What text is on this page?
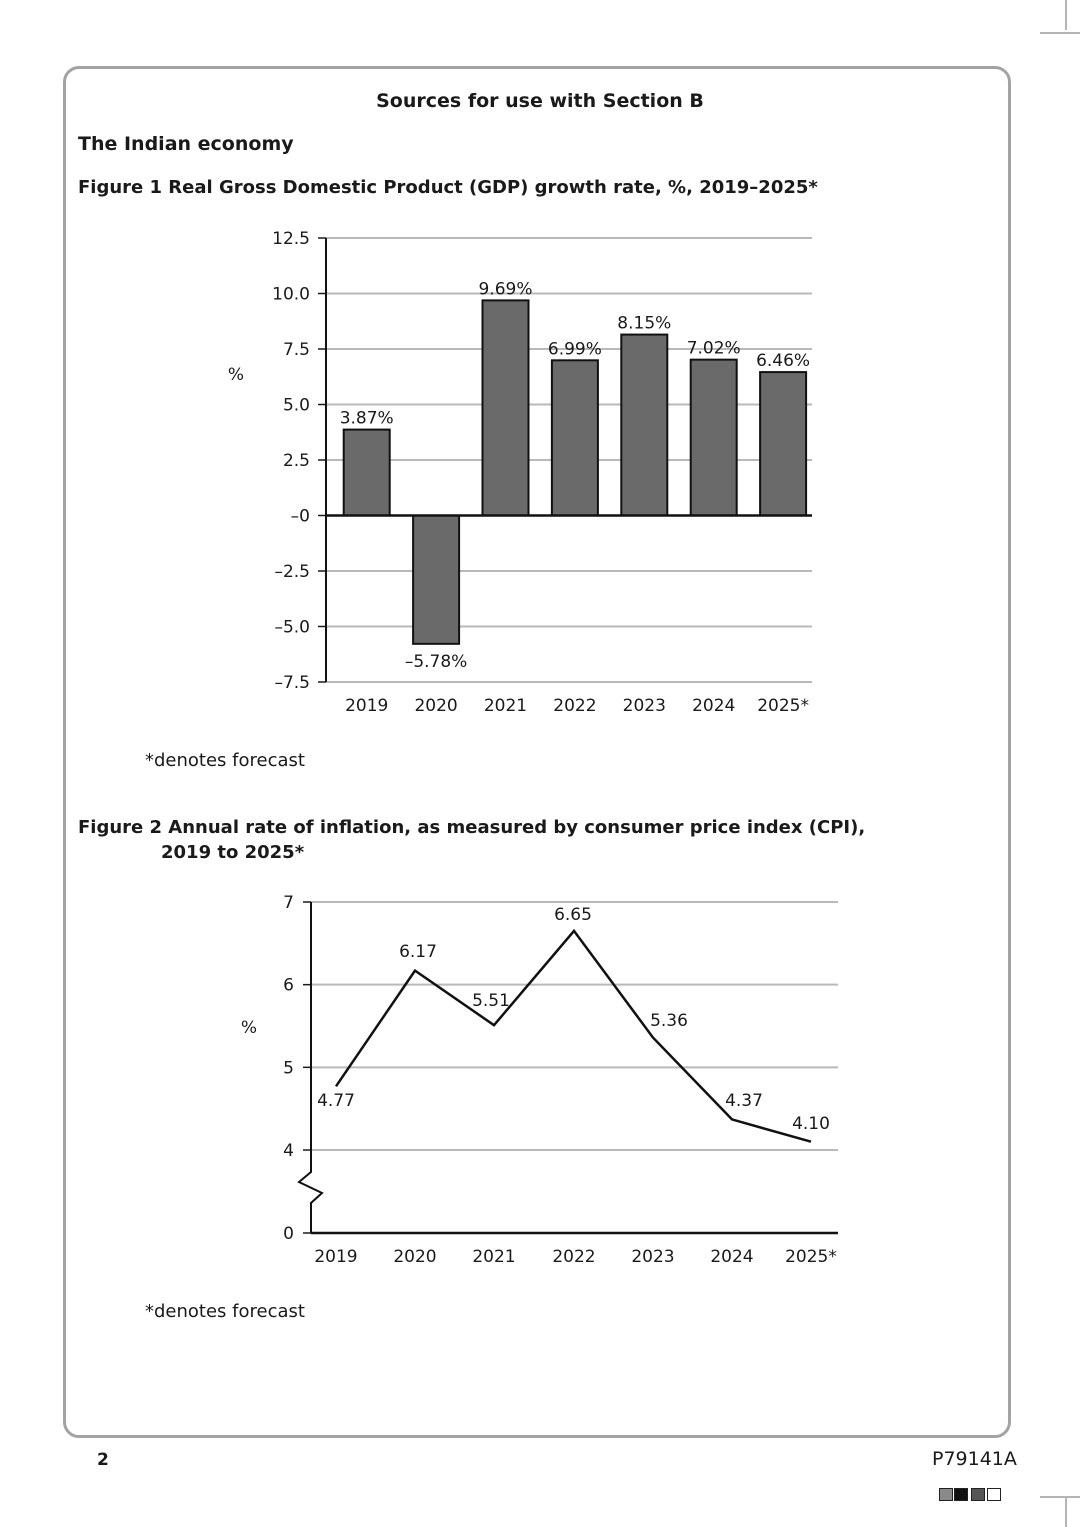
Sources for use with Section B
The Indian economy
Figure 1 Real Gross Domestic Product (GDP) growth rate, %, 2019–2025*
12.5
10.0
7.5
5.0
2.5
–0
–2.5
–5.0
–7.5
3.87%
2019
–5.78%
2020
9.69%
2021
6.99%
2022
8.15%
2023
7.02%
2024
6.46%
2025*
%
*denotes forecast
Figure 2 Annual rate of inflation, as measured by consumer price index (CPI),
2019 to 2025*
7
6
5
4
0
4.77
6.17
5.51
6.65
5.36
4.37
4.10
2019 2020 2021 2022 2023 2024 2025*
%
*denotes forecast
2	P79141A
